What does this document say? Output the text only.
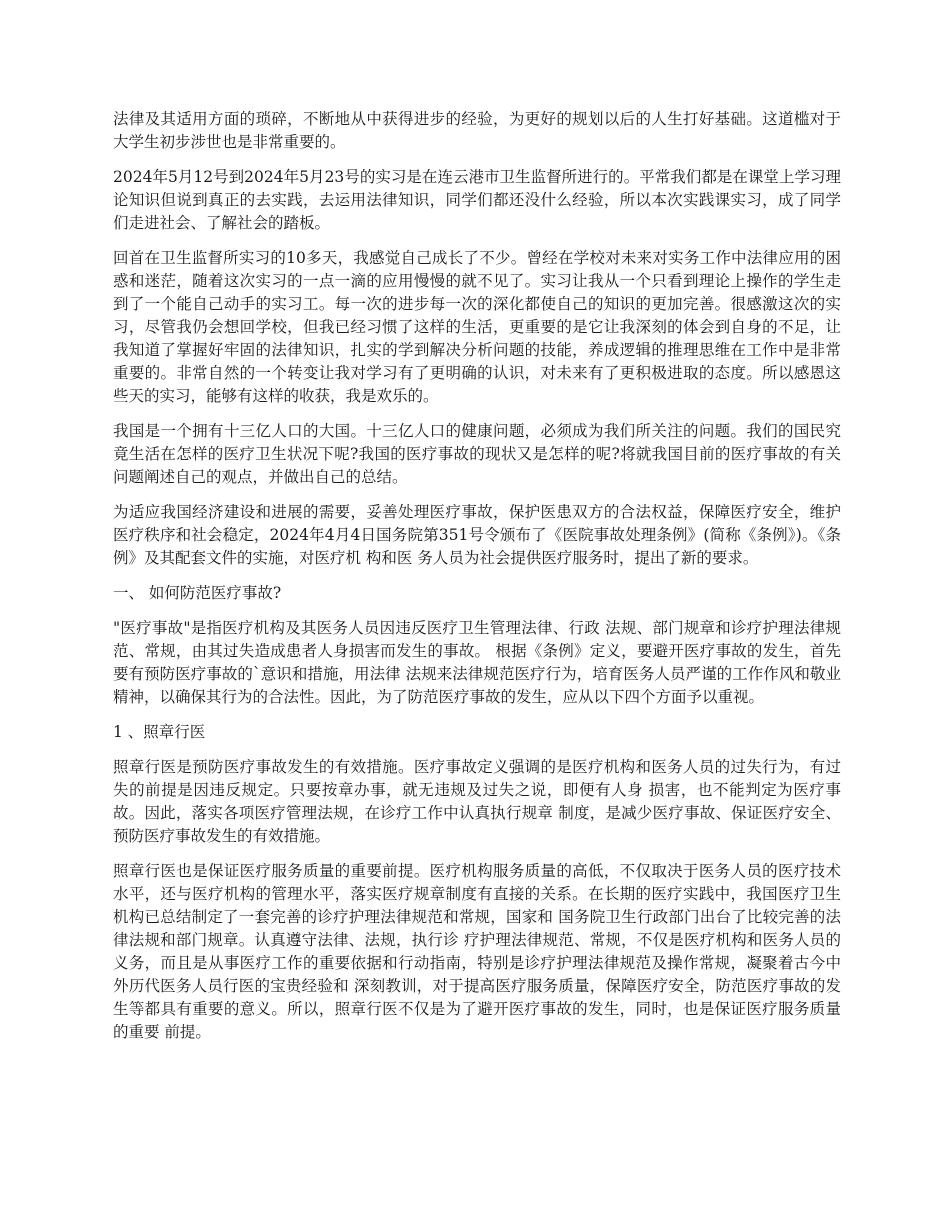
法律及其适用方面的琐碎，不断地从中获得进步的经验，为更好的规划以后的人生打好基础。这道槛对于大学生初步涉世也是非常重要的。

2024年5月12号到2024年5月23号的实习是在连云港市卫生监督所进行的。平常我们都是在课堂上学习理论知识但说到真正的去实践，去运用法律知识，同学们都还没什么经验，所以本次实践课实习，成了同学们走进社会、了解社会的踏板。

回首在卫生监督所实习的10多天，我感觉自己成长了不少。曾经在学校对未来对实务工作中法律应用的困惑和迷茫，随着这次实习的一点一滴的应用慢慢的就不见了。实习让我从一个只看到理论上操作的学生走到了一个能自己动手的实习工。每一次的进步每一次的深化都使自己的知识的更加完善。很感激这次的实习，尽管我仍会想回学校，但我已经习惯了这样的生活，更重要的是它让我深刻的体会到自身的不足，让我知道了掌握好牢固的法律知识，扎实的学到解决分析问题的技能，养成逻辑的推理思维在工作中是非常重要的。非常自然的一个转变让我对学习有了更明确的认识，对未来有了更积极进取的态度。所以感恩这些天的实习，能够有这样的收获，我是欢乐的。

我国是一个拥有十三亿人口的大国。十三亿人口的健康问题，必须成为我们所关注的问题。我们的国民究竟生活在怎样的医疗卫生状况下呢?我国的医疗事故的现状又是怎样的呢?将就我国目前的医疗事故的有关问题阐述自己的观点，并做出自己的总结。

为适应我国经济建设和进展的需要，妥善处理医疗事故，保护医患双方的合法权益，保障医疗安全，维护医疗秩序和社会稳定，2024年4月4日国务院第351号令颁布了《医院事故处理条例》(简称《条例》)。《条例》及其配套文件的实施，对医疗机 构和医 务人员为社会提供医疗服务时，提出了新的要求。

一、 如何防范医疗事故?

"医疗事故"是指医疗机构及其医务人员因违反医疗卫生管理法律、行政 法规、部门规章和诊疗护理法律规范、常规，由其过失造成患者人身损害而发生的事故。 根据《条例》定义，要避开医疗事故的发生，首先要有预防医疗事故的`意识和措施，用法律 法规来法律规范医疗行为，培育医务人员严谨的工作作风和敬业精神，以确保其行为的合法性。因此，为了防范医疗事故的发生，应从以下四个方面予以重视。

1 、照章行医

照章行医是预防医疗事故发生的有效措施。医疗事故定义强调的是医疗机构和医务人员的过失行为，有过失的前提是因违反规定。只要按章办事，就无违规及过失之说，即便有人身 损害，也不能判定为医疗事故。因此，落实各项医疗管理法规，在诊疗工作中认真执行规章 制度，是减少医疗事故、保证医疗安全、预防医疗事故发生的有效措施。

照章行医也是保证医疗服务质量的重要前提。医疗机构服务质量的高低，不仅取决于医务人员的医疗技术水平，还与医疗机构的管理水平，落实医疗规章制度有直接的关系。在长期的医疗实践中，我国医疗卫生机构已总结制定了一套完善的诊疗护理法律规范和常规，国家和 国务院卫生行政部门出台了比较完善的法律法规和部门规章。认真遵守法律、法规，执行诊 疗护理法律规范、常规，不仅是医疗机构和医务人员的义务，而且是从事医疗工作的重要依据和行动指南，特别是诊疗护理法律规范及操作常规，凝聚着古今中外历代医务人员行医的宝贵经验和 深刻教训，对于提高医疗服务质量，保障医疗安全，防范医疗事故的发生等都具有重要的意义。所以，照章行医不仅是为了避开医疗事故的发生，同时，也是保证医疗服务质量的重要 前提。
